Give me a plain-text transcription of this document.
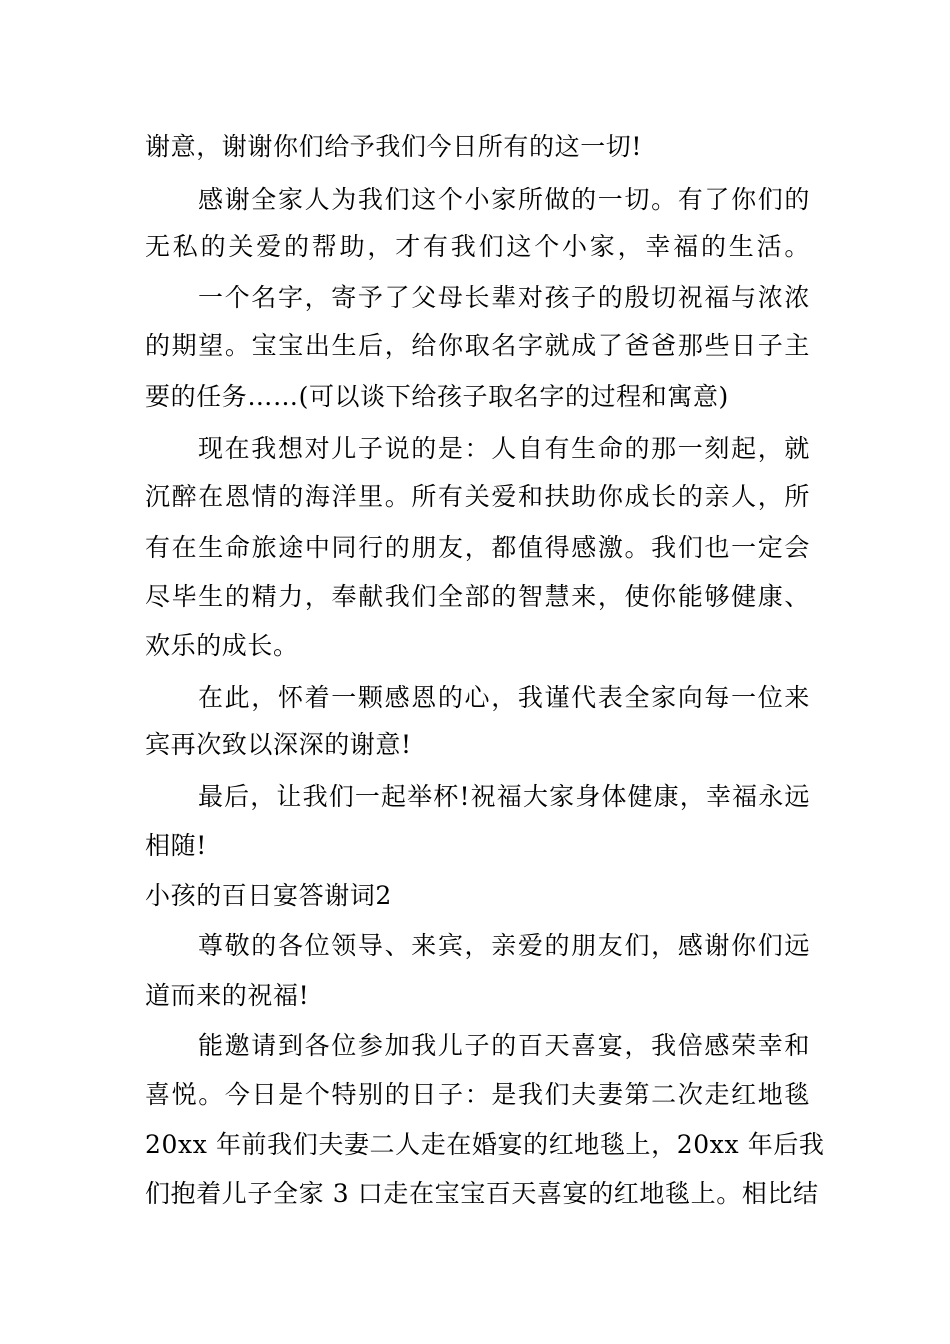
谢意，谢谢你们给予我们今日所有的这一切!
感谢全家人为我们这个小家所做的一切。有了你们的
无私的关爱的帮助，才有我们这个小家，幸福的生活。
一个名字，寄予了父母长辈对孩子的殷切祝福与浓浓
的期望。宝宝出生后，给你取名字就成了爸爸那些日子主
要的任务……(可以谈下给孩子取名字的过程和寓意)
现在我想对儿子说的是：人自有生命的那一刻起，就
沉醉在恩情的海洋里。所有关爱和扶助你成长的亲人，所
有在生命旅途中同行的朋友，都值得感激。我们也一定会
尽毕生的精力，奉献我们全部的智慧来，使你能够健康、
欢乐的成长。
在此，怀着一颗感恩的心，我谨代表全家向每一位来
宾再次致以深深的谢意!
最后，让我们一起举杯!祝福大家身体健康，幸福永远
相随!
小孩的百日宴答谢词2
尊敬的各位领导、来宾，亲爱的朋友们，感谢你们远
道而来的祝福!
能邀请到各位参加我儿子的百天喜宴，我倍感荣幸和
喜悦。今日是个特别的日子：是我们夫妻第二次走红地毯
20xx 年前我们夫妻二人走在婚宴的红地毯上，20xx 年后我
们抱着儿子全家 3 口走在宝宝百天喜宴的红地毯上。相比结
